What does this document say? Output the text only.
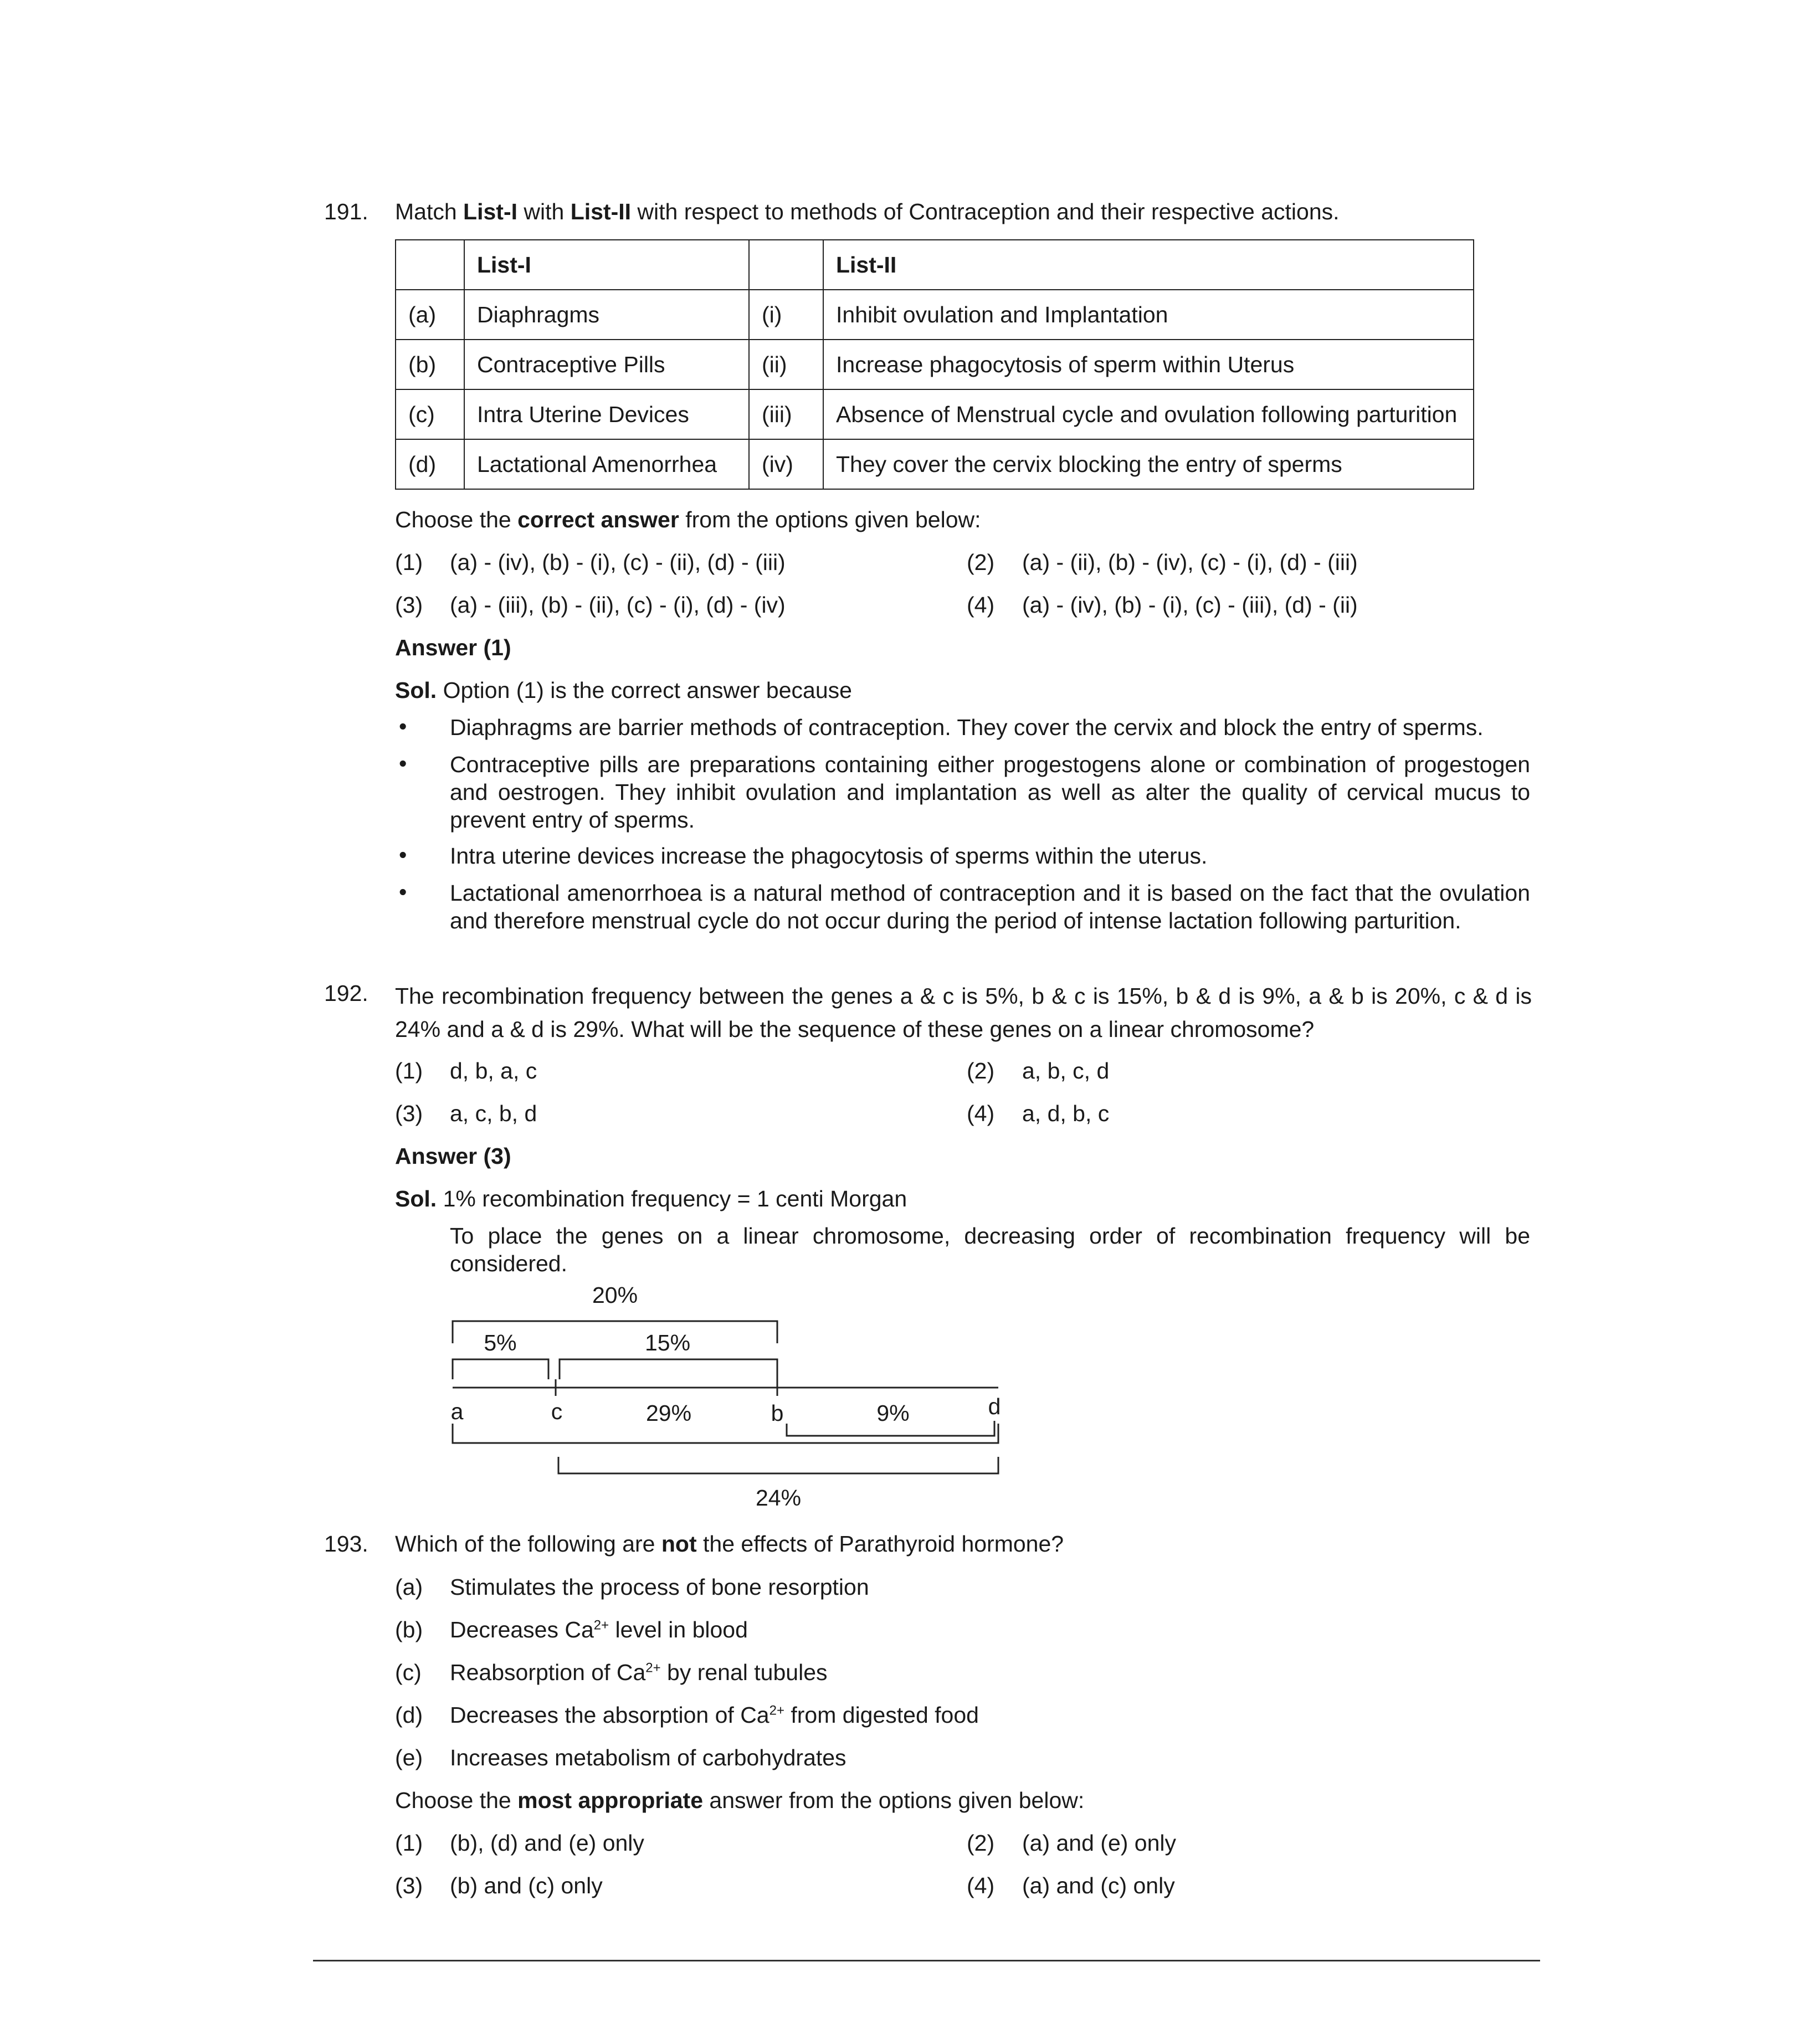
191. Match List-I with List-II with respect to methods of Contraception and their respective actions.
	List-I		List-II
(a)	Diaphragms	(i)	Inhibit ovulation and Implantation
(b)	Contraceptive Pills	(ii)	Increase phagocytosis of sperm within Uterus
(c)	Intra Uterine Devices	(iii)	Absence of Menstrual cycle and ovulation following parturition
(d)	Lactational Amenorrhea	(iv)	They cover the cervix blocking the entry of sperms
Choose the correct answer from the options given below:
(1) (a) - (iv), (b) - (i), (c) - (ii), (d) - (iii)	(2) (a) - (ii), (b) - (iv), (c) - (i), (d) - (iii)
(3) (a) - (iii), (b) - (ii), (c) - (i), (d) - (iv)	(4) (a) - (iv), (b) - (i), (c) - (iii), (d) - (ii)
Answer (1)
Sol. Option (1) is the correct answer because
• Diaphragms are barrier methods of contraception. They cover the cervix and block the entry of sperms.
• Contraceptive pills are preparations containing either progestogens alone or combination of progestogen and oestrogen. They inhibit ovulation and implantation as well as alter the quality of cervical mucus to prevent entry of sperms.
• Intra uterine devices increase the phagocytosis of sperms within the uterus.
• Lactational amenorrhoea is a natural method of contraception and it is based on the fact that the ovulation and therefore menstrual cycle do not occur during the period of intense lactation following parturition.
192. The recombination frequency between the genes a & c is 5%, b & c is 15%, b & d is 9%, a & b is 20%, c & d is 24% and a & d is 29%. What will be the sequence of these genes on a linear chromosome?
(1) d, b, a, c	(2) a, b, c, d
(3) a, c, b, d	(4) a, d, b, c
Answer (3)
Sol. 1% recombination frequency = 1 centi Morgan
To place the genes on a linear chromosome, decreasing order of recombination frequency will be considered.
20%
5%	15%
a	c	b	d
29%	9%
24%
193. Which of the following are not the effects of Parathyroid hormone?
(a) Stimulates the process of bone resorption
(b) Decreases $Ca^{2+}$ level in blood
(c) Reabsorption of $Ca^{2+}$ by renal tubules
(d) Decreases the absorption of $Ca^{2+}$ from digested food
(e) Increases metabolism of carbohydrates
Choose the most appropriate answer from the options given below:
(1) (b), (d) and (e) only	(2) (a) and (e) only
(3) (b) and (c) only	(4) (a) and (c) only
